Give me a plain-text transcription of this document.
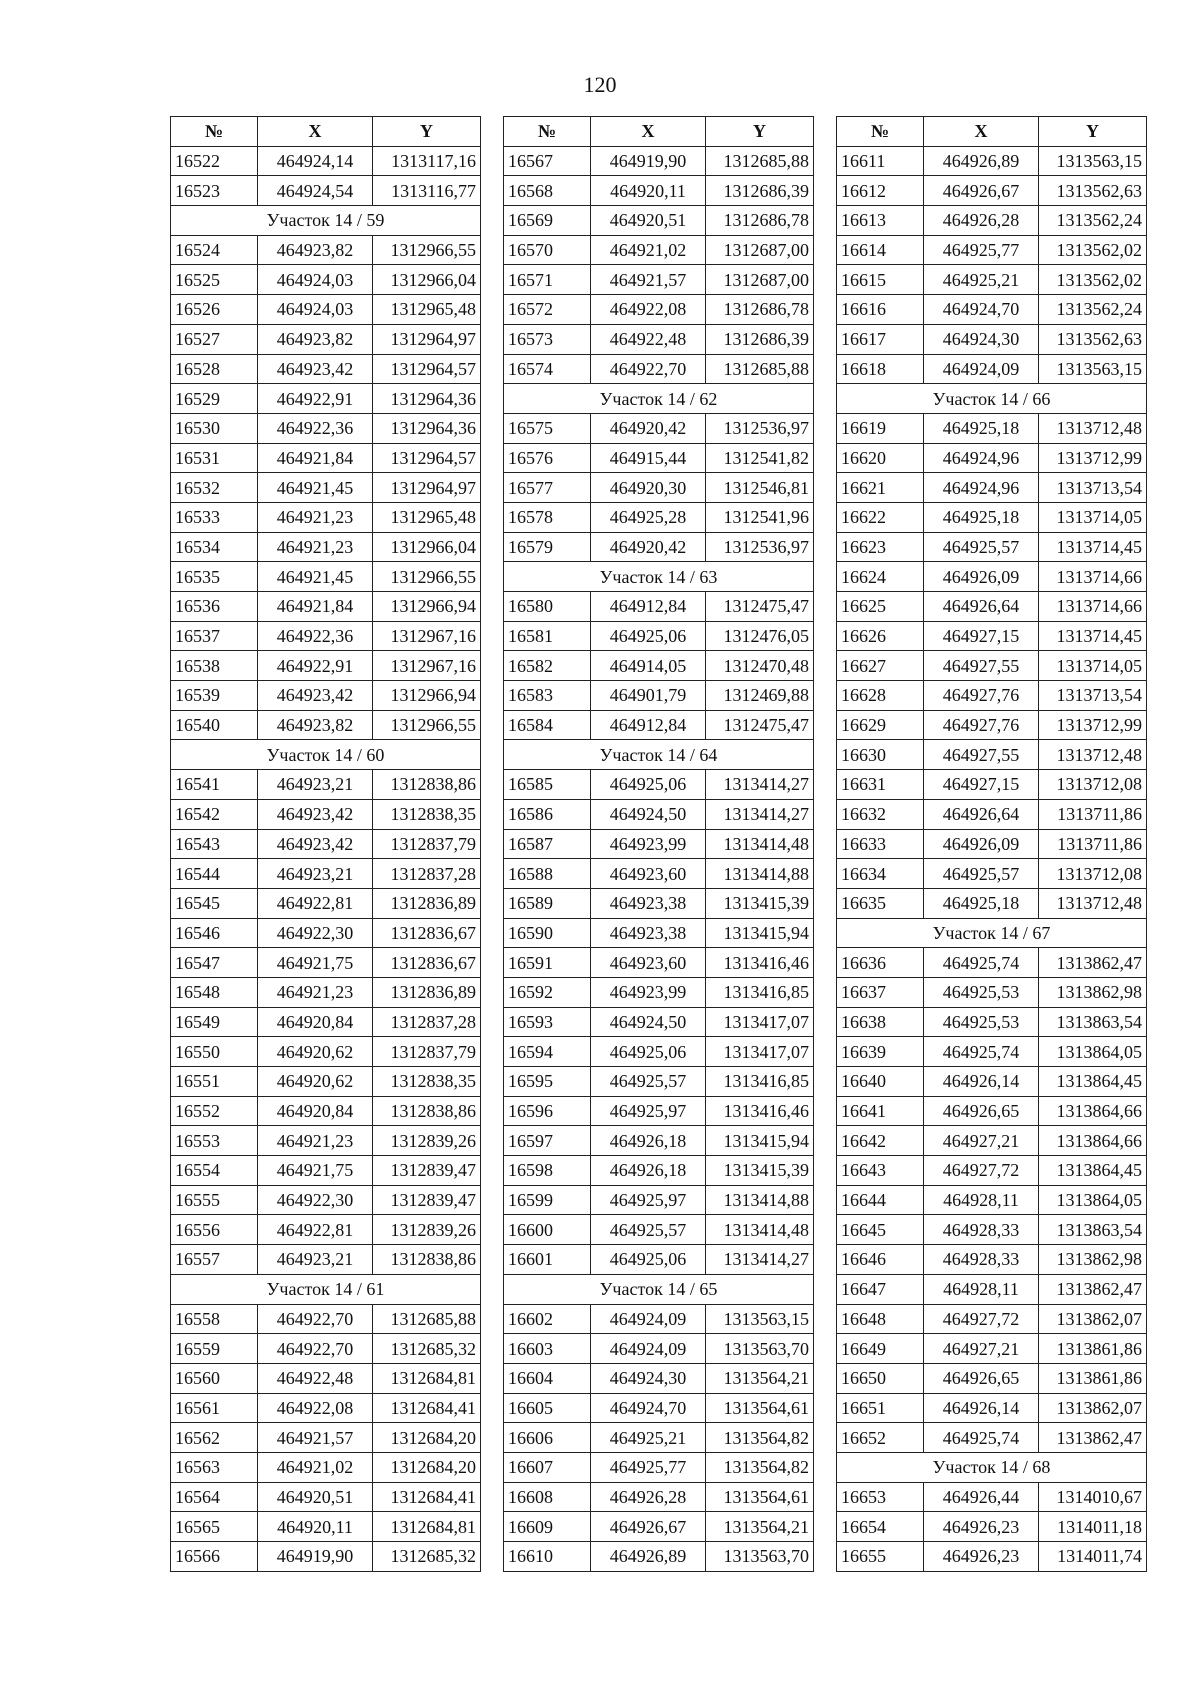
120
№	X	Y
16522	464924,14	1313117,16
16523	464924,54	1313116,77
Участок 14 / 59		
16524	464923,82	1312966,55
16525	464924,03	1312966,04
16526	464924,03	1312965,48
16527	464923,82	1312964,97
16528	464923,42	1312964,57
16529	464922,91	1312964,36
16530	464922,36	1312964,36
16531	464921,84	1312964,57
16532	464921,45	1312964,97
16533	464921,23	1312965,48
16534	464921,23	1312966,04
16535	464921,45	1312966,55
16536	464921,84	1312966,94
16537	464922,36	1312967,16
16538	464922,91	1312967,16
16539	464923,42	1312966,94
16540	464923,82	1312966,55
Участок 14 / 60		
16541	464923,21	1312838,86
16542	464923,42	1312838,35
16543	464923,42	1312837,79
16544	464923,21	1312837,28
16545	464922,81	1312836,89
16546	464922,30	1312836,67
16547	464921,75	1312836,67
16548	464921,23	1312836,89
16549	464920,84	1312837,28
16550	464920,62	1312837,79
16551	464920,62	1312838,35
16552	464920,84	1312838,86
16553	464921,23	1312839,26
16554	464921,75	1312839,47
16555	464922,30	1312839,47
16556	464922,81	1312839,26
16557	464923,21	1312838,86
Участок 14 / 61		
16558	464922,70	1312685,88
16559	464922,70	1312685,32
16560	464922,48	1312684,81
16561	464922,08	1312684,41
16562	464921,57	1312684,20
16563	464921,02	1312684,20
16564	464920,51	1312684,41
16565	464920,11	1312684,81
16566	464919,90	1312685,32
№	X	Y
16567	464919,90	1312685,88
16568	464920,11	1312686,39
16569	464920,51	1312686,78
16570	464921,02	1312687,00
16571	464921,57	1312687,00
16572	464922,08	1312686,78
16573	464922,48	1312686,39
16574	464922,70	1312685,88
Участок 14 / 62		
16575	464920,42	1312536,97
16576	464915,44	1312541,82
16577	464920,30	1312546,81
16578	464925,28	1312541,96
16579	464920,42	1312536,97
Участок 14 / 63		
16580	464912,84	1312475,47
16581	464925,06	1312476,05
16582	464914,05	1312470,48
16583	464901,79	1312469,88
16584	464912,84	1312475,47
Участок 14 / 64		
16585	464925,06	1313414,27
16586	464924,50	1313414,27
16587	464923,99	1313414,48
16588	464923,60	1313414,88
16589	464923,38	1313415,39
16590	464923,38	1313415,94
16591	464923,60	1313416,46
16592	464923,99	1313416,85
16593	464924,50	1313417,07
16594	464925,06	1313417,07
16595	464925,57	1313416,85
16596	464925,97	1313416,46
16597	464926,18	1313415,94
16598	464926,18	1313415,39
16599	464925,97	1313414,88
16600	464925,57	1313414,48
16601	464925,06	1313414,27
Участок 14 / 65		
16602	464924,09	1313563,15
16603	464924,09	1313563,70
16604	464924,30	1313564,21
16605	464924,70	1313564,61
16606	464925,21	1313564,82
16607	464925,77	1313564,82
16608	464926,28	1313564,61
16609	464926,67	1313564,21
16610	464926,89	1313563,70
№	X	Y
16611	464926,89	1313563,15
16612	464926,67	1313562,63
16613	464926,28	1313562,24
16614	464925,77	1313562,02
16615	464925,21	1313562,02
16616	464924,70	1313562,24
16617	464924,30	1313562,63
16618	464924,09	1313563,15
Участок 14 / 66		
16619	464925,18	1313712,48
16620	464924,96	1313712,99
16621	464924,96	1313713,54
16622	464925,18	1313714,05
16623	464925,57	1313714,45
16624	464926,09	1313714,66
16625	464926,64	1313714,66
16626	464927,15	1313714,45
16627	464927,55	1313714,05
16628	464927,76	1313713,54
16629	464927,76	1313712,99
16630	464927,55	1313712,48
16631	464927,15	1313712,08
16632	464926,64	1313711,86
16633	464926,09	1313711,86
16634	464925,57	1313712,08
16635	464925,18	1313712,48
Участок 14 / 67		
16636	464925,74	1313862,47
16637	464925,53	1313862,98
16638	464925,53	1313863,54
16639	464925,74	1313864,05
16640	464926,14	1313864,45
16641	464926,65	1313864,66
16642	464927,21	1313864,66
16643	464927,72	1313864,45
16644	464928,11	1313864,05
16645	464928,33	1313863,54
16646	464928,33	1313862,98
16647	464928,11	1313862,47
16648	464927,72	1313862,07
16649	464927,21	1313861,86
16650	464926,65	1313861,86
16651	464926,14	1313862,07
16652	464925,74	1313862,47
Участок 14 / 68		
16653	464926,44	1314010,67
16654	464926,23	1314011,18
16655	464926,23	1314011,74
